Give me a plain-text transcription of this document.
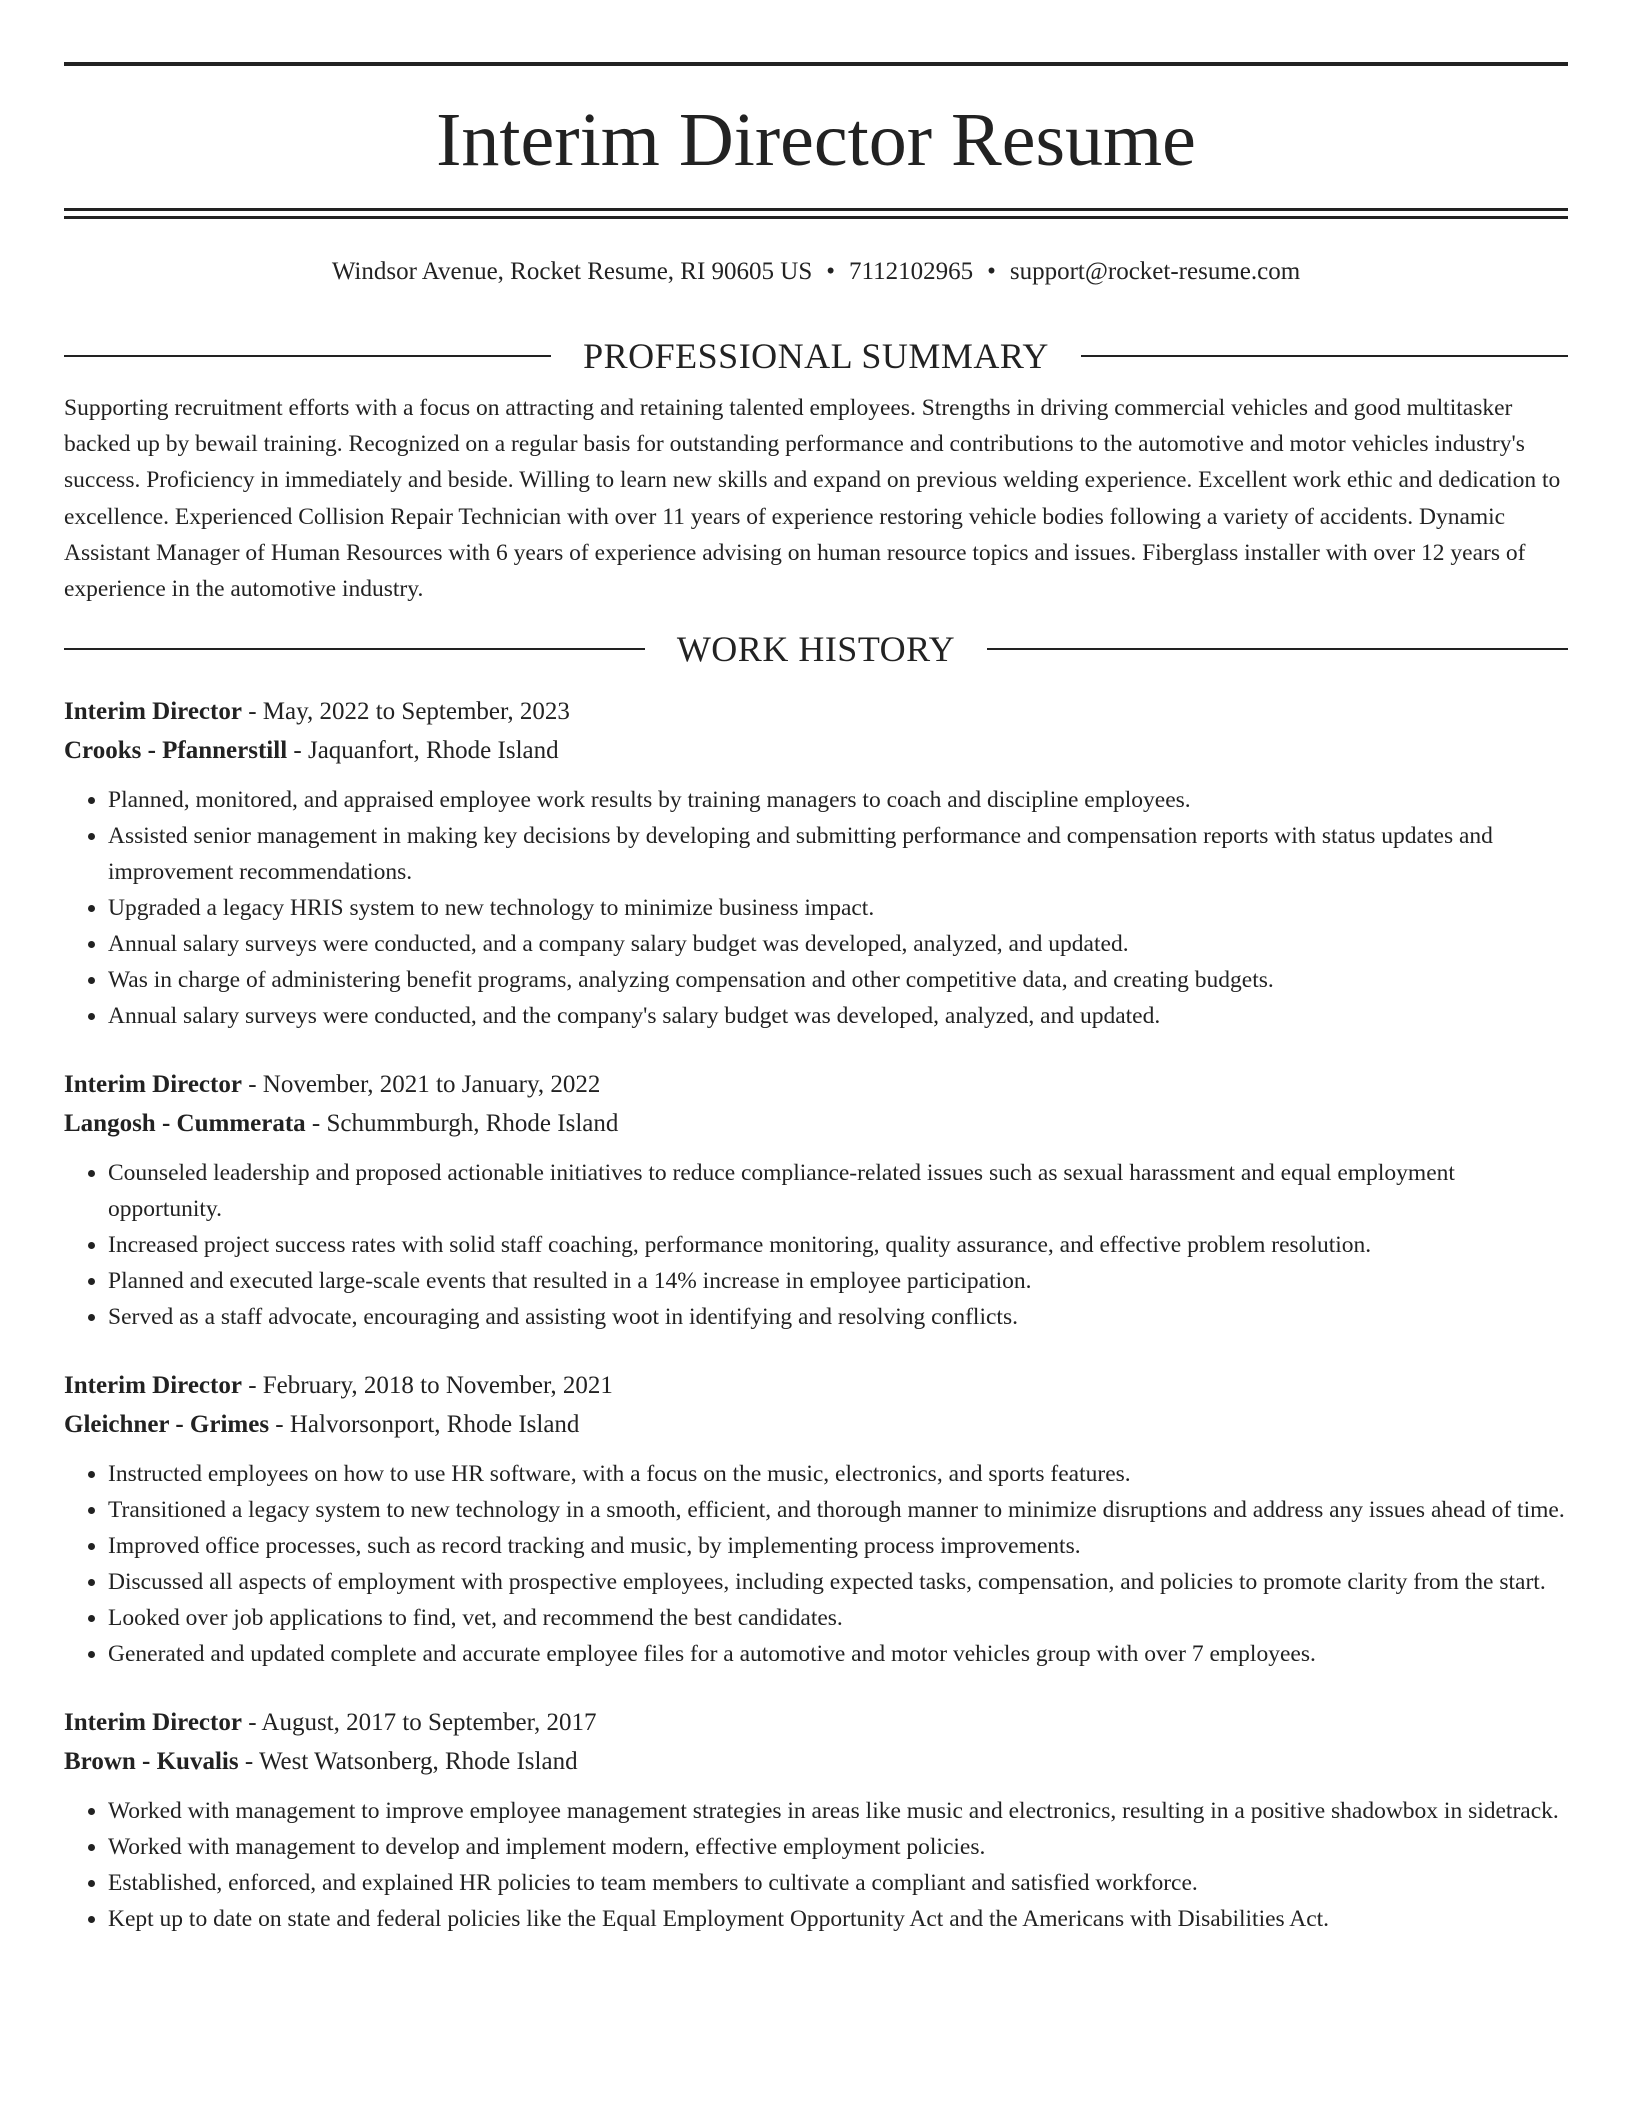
Interim Director Resume
Windsor Avenue, Rocket Resume, RI 90605 US • 7112102965 • support@rocket-resume.com
PROFESSIONAL SUMMARY

Supporting recruitment efforts with a focus on attracting and retaining talented employees. Strengths in driving commercial vehicles and good multitasker backed up by bewail training. Recognized on a regular basis for outstanding performance and contributions to the automotive and motor vehicles industry's success. Proficiency in immediately and beside. Willing to learn new skills and expand on previous welding experience. Excellent work ethic and dedication to excellence. Experienced Collision Repair Technician with over 11 years of experience restoring vehicle bodies following a variety of accidents. Dynamic Assistant Manager of Human Resources with 6 years of experience advising on human resource topics and issues. Fiberglass installer with over 12 years of experience in the automotive industry.

WORK HISTORY
Interim Director - May, 2022 to September, 2023
Crooks - Pfannerstill - Jaquanfort, Rhode Island
• Planned, monitored, and appraised employee work results by training managers to coach and discipline employees.
• Assisted senior management in making key decisions by developing and submitting performance and compensation reports with status updates and improvement recommendations.
• Upgraded a legacy HRIS system to new technology to minimize business impact.
• Annual salary surveys were conducted, and a company salary budget was developed, analyzed, and updated.
• Was in charge of administering benefit programs, analyzing compensation and other competitive data, and creating budgets.
• Annual salary surveys were conducted, and the company's salary budget was developed, analyzed, and updated.
Interim Director - November, 2021 to January, 2022
Langosh - Cummerata - Schummburgh, Rhode Island
• Counseled leadership and proposed actionable initiatives to reduce compliance-related issues such as sexual harassment and equal employment opportunity.
• Increased project success rates with solid staff coaching, performance monitoring, quality assurance, and effective problem resolution.
• Planned and executed large-scale events that resulted in a 14% increase in employee participation.
• Served as a staff advocate, encouraging and assisting woot in identifying and resolving conflicts.
Interim Director - February, 2018 to November, 2021
Gleichner - Grimes - Halvorsonport, Rhode Island
• Instructed employees on how to use HR software, with a focus on the music, electronics, and sports features.
• Transitioned a legacy system to new technology in a smooth, efficient, and thorough manner to minimize disruptions and address any issues ahead of time.
• Improved office processes, such as record tracking and music, by implementing process improvements.
• Discussed all aspects of employment with prospective employees, including expected tasks, compensation, and policies to promote clarity from the start.
• Looked over job applications to find, vet, and recommend the best candidates.
• Generated and updated complete and accurate employee files for a automotive and motor vehicles group with over 7 employees.
Interim Director - August, 2017 to September, 2017
Brown - Kuvalis - West Watsonberg, Rhode Island
• Worked with management to improve employee management strategies in areas like music and electronics, resulting in a positive shadowbox in sidetrack.
• Worked with management to develop and implement modern, effective employment policies.
• Established, enforced, and explained HR policies to team members to cultivate a compliant and satisfied workforce.
• Kept up to date on state and federal policies like the Equal Employment Opportunity Act and the Americans with Disabilities Act.
